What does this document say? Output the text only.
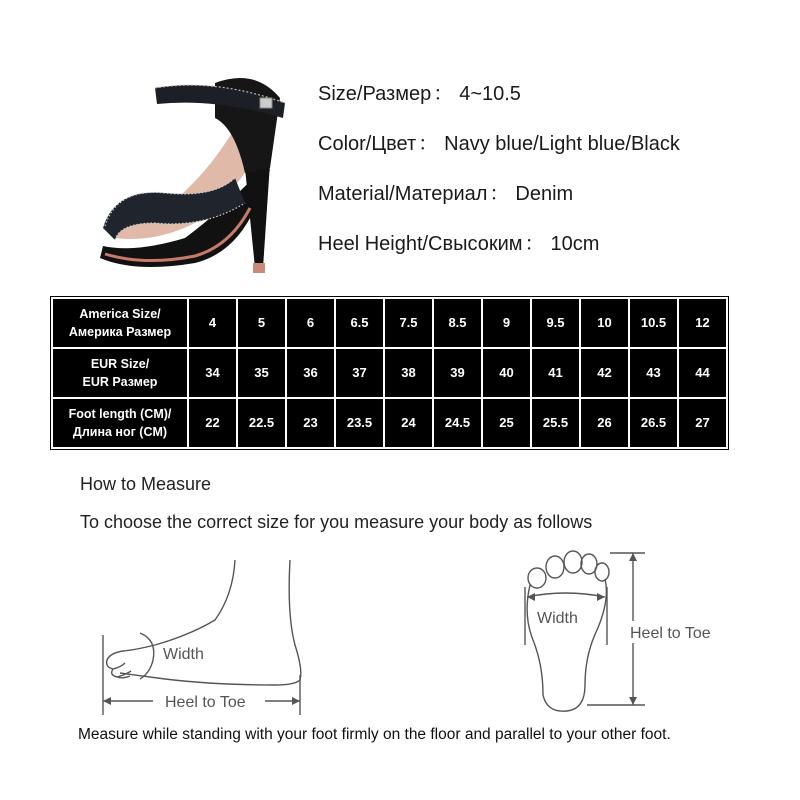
Size/Размер ： 4~10.5
Color/Цвет ： Navy blue/Light blue/Black
Material/Материал ： Denim
Heel Height/Свысоким ： 10cm
America Size/
Америка Размер	4	5	6	6.5	7.5	8.5	9	9.5	10	10.5	12

EUR Size/
EUR Размер	34	35	36	37	38	39	40	41	42	43	44

Foot length (CM)/
Длина ног (CM)	22	22.5	23	23.5	24	24.5	25	25.5	26	26.5	27
How to Measure
To choose the correct size for you measure your body as follows
Width
Heel to Toe
Width
Heel to Toe
Measure while standing with your foot firmly on the floor and parallel to your other foot.
